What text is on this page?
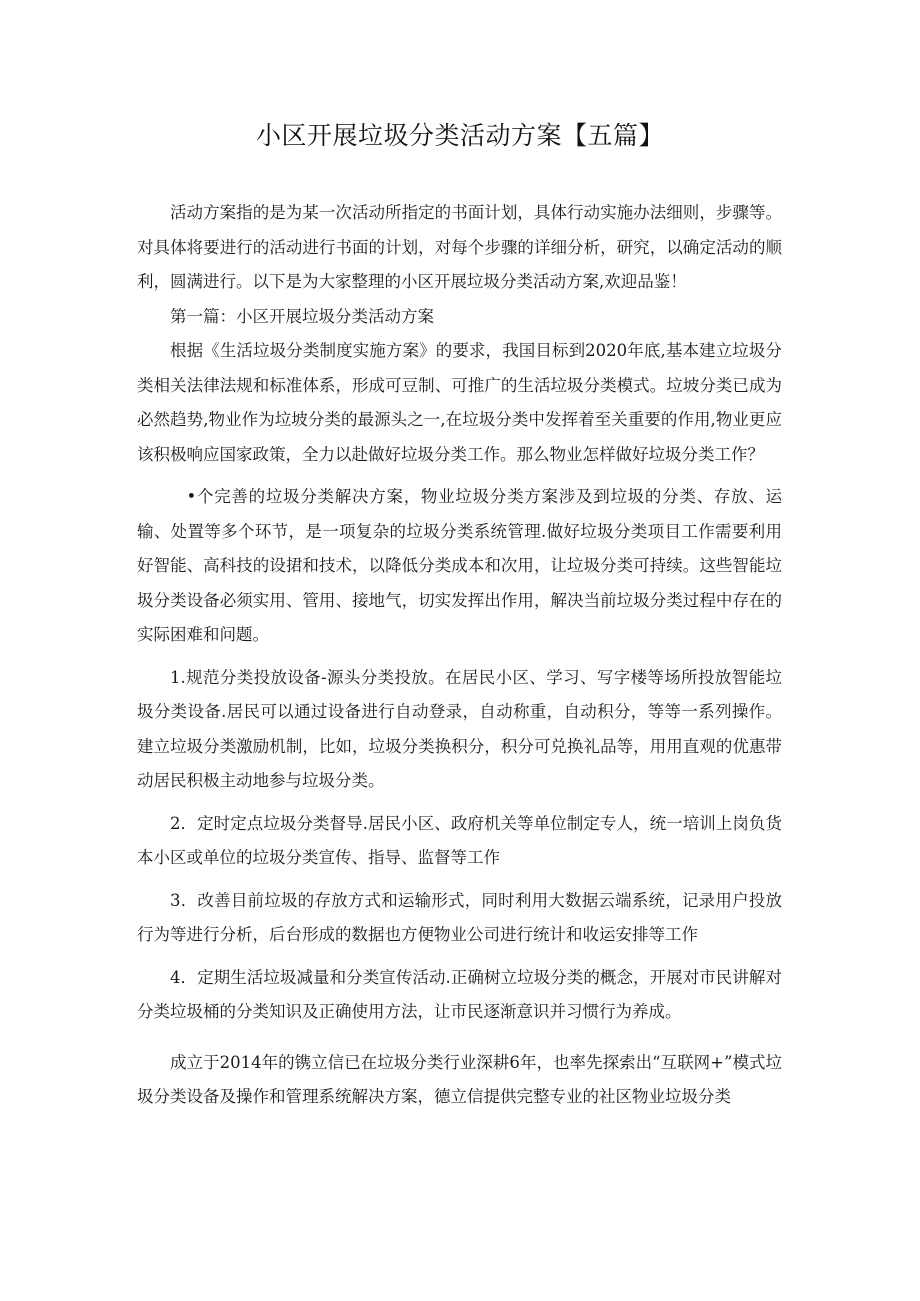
小区开展垃圾分类活动方案【五篇】

活动方案指的是为某一次活动所指定的书面计划，具体行动实施办法细则，步骤等。对具体将要进行的活动进行书面的计划，对每个步骤的详细分析，研究，以确定活动的顺利，圆满进行。以下是为大家整理的小区开展垃圾分类活动方案,欢迎品鉴！

第一篇：小区开展垃圾分类活动方案

根据《生活垃圾分类制度实施方案》的要求，我国目标到2020年底,基本建立垃圾分类相关法律法规和标准体系，形成可豆制、可推广的生活垃圾分类模式。垃坡分类已成为必然趋势,物业作为垃坡分类的最源头之一,在垃圾分类中发挥着至关重要的作用,物业更应该积极响应国家政策，全力以赴做好垃圾分类工作。那么物业怎样做好垃圾分类工作？

•个完善的垃圾分类解决方案，物业垃圾分类方案涉及到垃圾的分类、存放、运输、处置等多个环节，是一项复杂的垃圾分类系统管理.做好垃圾分类项目工作需要利用好智能、高科技的设捃和技术，以降低分类成本和次用，让垃圾分类可持续。这些智能垃圾分类设备必须实用、管用、接地气，切实发挥出作用，解决当前垃圾分类过程中存在的实际困难和问题。

1.规范分类投放设备-源头分类投放。在居民小区、学习、写字楼等场所投放智能垃圾分类设备.居民可以通过设备进行自动登录，自动称重，自动积分，等等一系列操作。建立垃圾分类激励机制，比如，垃圾分类换积分，积分可兑换礼品等，用用直观的优惠带动居民积极主动地参与垃圾分类。

2．定时定点垃圾分类督导.居民小区、政府机关等单位制定专人，统一培训上岗负货本小区或单位的垃圾分类宣传、指导、监督等工作

3．改善目前垃圾的存放方式和运输形式，同时利用大数据云端系统，记录用户投放行为等进行分析，后台形成的数据也方便物业公司进行统计和收运安排等工作

4．定期生活垃圾减量和分类宣传活动.正确树立垃圾分类的概念，开展对市民讲解对分类垃圾桶的分类知识及正确使用方法，让市民逐渐意识并习惯行为养成。

成立于2014年的镌立信已在垃圾分类行业深耕6年，也率先探索出“互联网+”模式垃圾分类设备及操作和管理系统解决方案，德立信提供完整专业的社区物业垃圾分类
